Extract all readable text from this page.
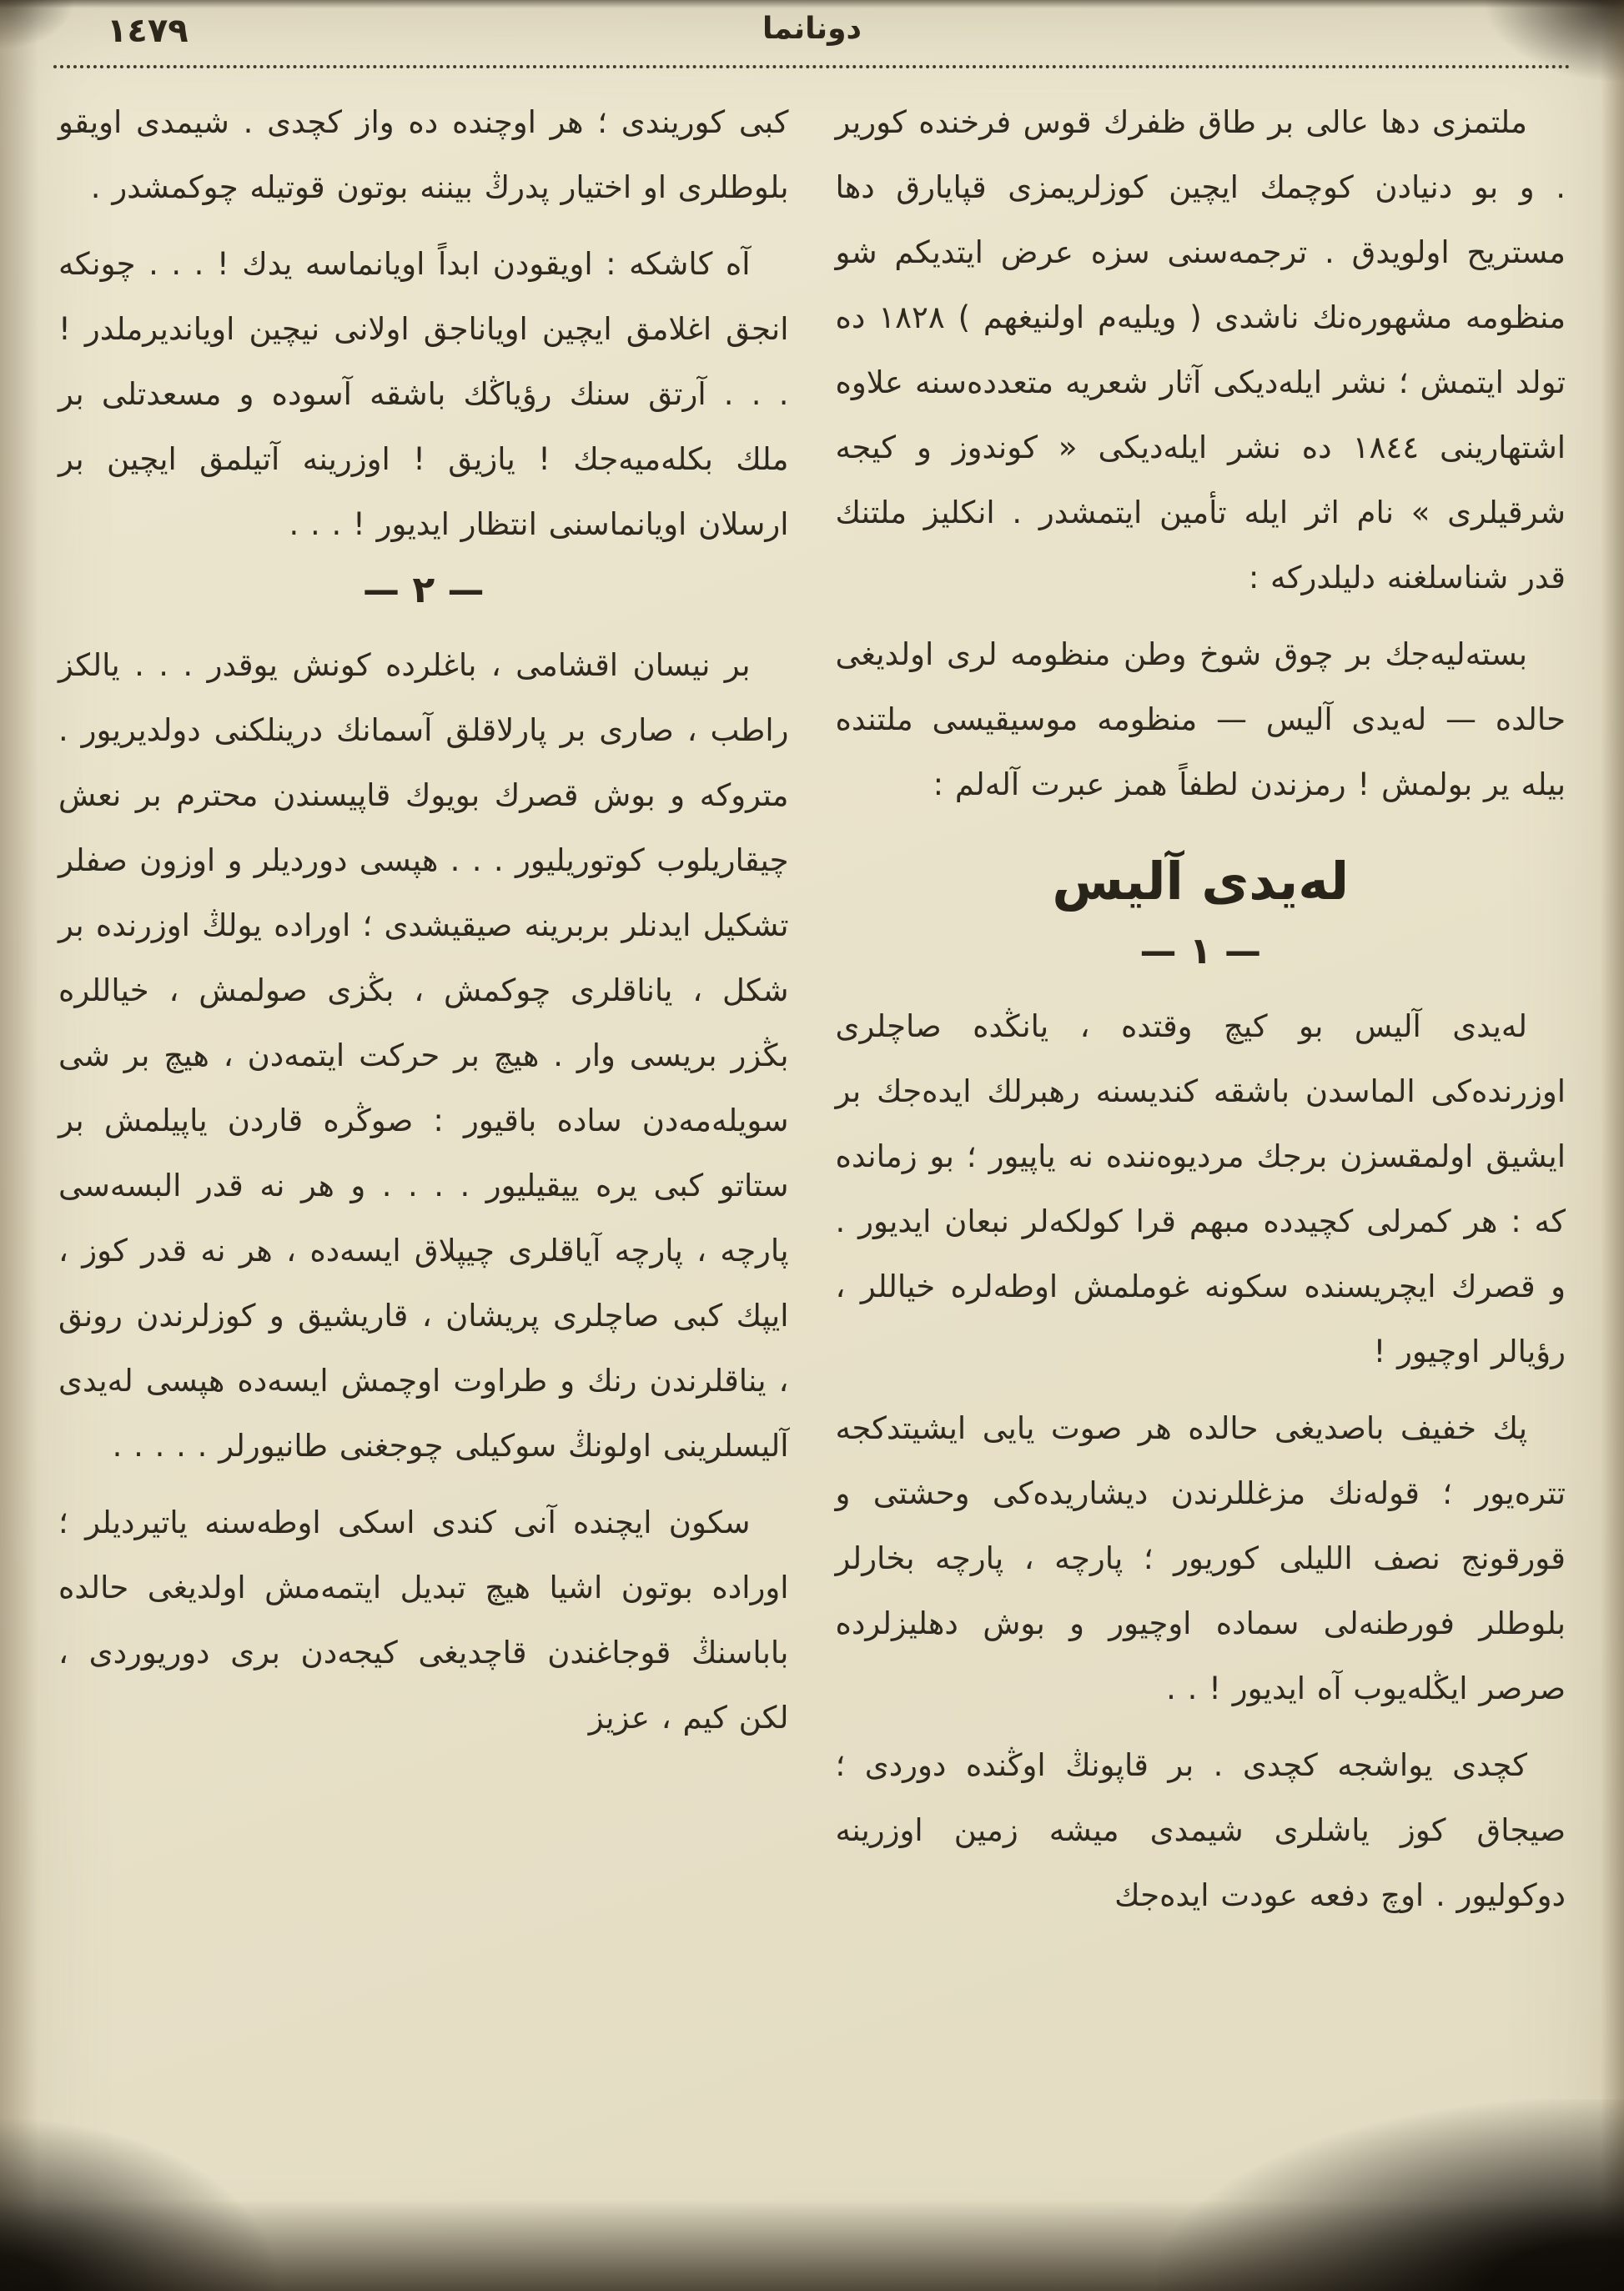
١٤٧٩	دونانما

ملتمزى دها عالى بر طاق ظفرك قوس فرخنده كورير . و بو دنيادن كوچمك ايچين كوزلريمزى قپايارق دها مستريح اولويدق . ترجمه‌سنى سزه عرض ايتديكم شو منظومه مشهوره‌نك ناشدى ( ويليه‌م اولنيغهم ) ١٨٢٨ ده تولد ايتمش ؛ نشر ايله‌ديكى آثار شعريه متعدده‌سنه علاوه اشتهارينى ١٨٤٤ ده نشر ايله‌ديكى « كوندوز و كيجه شرقيلرى » نام اثر ايله تأمين ايتمشدر . انكليز ملتنك قدر شناسلغنه دليلدركه :

بسته‌ليه‌جك بر چوق شوخ وطن منظومه‌ لرى اولديغى حالده — لەيدى آليس — منظومه موسيقيسى ملتنده بيله ير بولمش ! رمزندن لطفاً همز عبرت آله‌لم :

لەيدى آليس
— ١ —

لەيدى آليس بو كيچ وقتده ، يانڭده صاچلرى اوزرنده‌كى الماسدن باشقه كنديسنه رهبرلك ايده‌جك بر ايشيق اولمقسزن برجك مرديوه‌ننده نه ياپيور ؛ بو زمانده كه : هر كمرلى كچيدده مبهم قرا كولكه‌لر نبعان ايديور . و قصرك ايچريسنده سكونه غوملمش اوطه‌لره خياللر ، رؤيالر اوچيور !

پك خفيف باصديغى حالده هر صوت يايى ايشيتدكجه تتره‌يور ؛ قوله‌نك مزغللرندن ديشاريده‌كى وحشتى و قورقونج نصف الليلى كوريور ؛ پارچه ، پارچه بخارلر بلوطلر فورطنه‌لى سماده اوچيور و بوش دهليزلرده صرصر ايڭله‌يوب آه ايديور ! . .

كچدى يواشجه كچدى . بر قاپونڭ اوڭنده دوردى ؛ صيجاق كوز ياشلرى شيمدى ميشه زمين اوزرينه دوكوليور . اوچ دفعه عودت ايده‌جك

كبى كوريندى ؛ هر اوچنده ده واز كچدى . شيمدى اويقو بلوطلرى او اختيار پدرڭ بيننه بوتون قوتيله چوكمشدر .

آه كاشكه : اويقودن ابداً اويانماسه يدك ! . . . چونكه انجق اغلامق ايچين اوياناجق اولانى نيچين اويانديرملدر ! . . . آرتق سنك رؤياڭك باشقه آسوده و مسعدتلى بر ملك بكله‌ميه‌جك ! يازيق ! اوزرينه آتيلمق ايچين بر ارسلان اويانماسنى انتظار ايديور ! . . .

— ٢ —

بر نيسان اقشامى ، باغلرده كونش يوقدر . . . يالكز راطب ، صارى بر پارلاقلق آسمانك درينلكنى دولديريور . متروكه و بوش قصرك بويوك قاپيسندن محترم بر نعش چيقاريلوب كوتوريليور . . . هپسى دورديلر و اوزون صفلر تشكيل ايدنلر بربرينه صيقيشدى ؛ اوراده يولڭ اوزرنده بر شكل ، ياناقلرى چوكمش ، بڭزى صولمش ، خياللره بڭزر بريسى وار . هيچ بر حركت ايتمه‌دن ، هيچ بر شى سويله‌مه‌دن ساده باقيور : صوڭره قاردن ياپيلمش بر ستاتو كبى يره ييقيليور . . . . و هر نه قدر البسه‌سى پارچه ، پارچه آياقلرى چيپلاق ايسه‌ده ، هر نه قدر كوز ، ايپك كبى صاچلرى پريشان ، قاريشيق و كوزلرندن رونق ، يناقلرندن رنك و طراوت اوچمش ايسه‌ده هپسى لەيدى آليسلرينى اولونڭ سوكيلى چوجغنى طانيورلر . . . . .

سكون ايچنده آنى كندى اسكى اوطه‌سنه ياتيرديلر ؛ اوراده بوتون اشيا هيچ تبديل ايتمه‌مش اولديغى حالده باباسنڭ قوجاغندن قاچديغى كيجه‌دن برى دوريوردى ، لكن كيم ، عزيز
